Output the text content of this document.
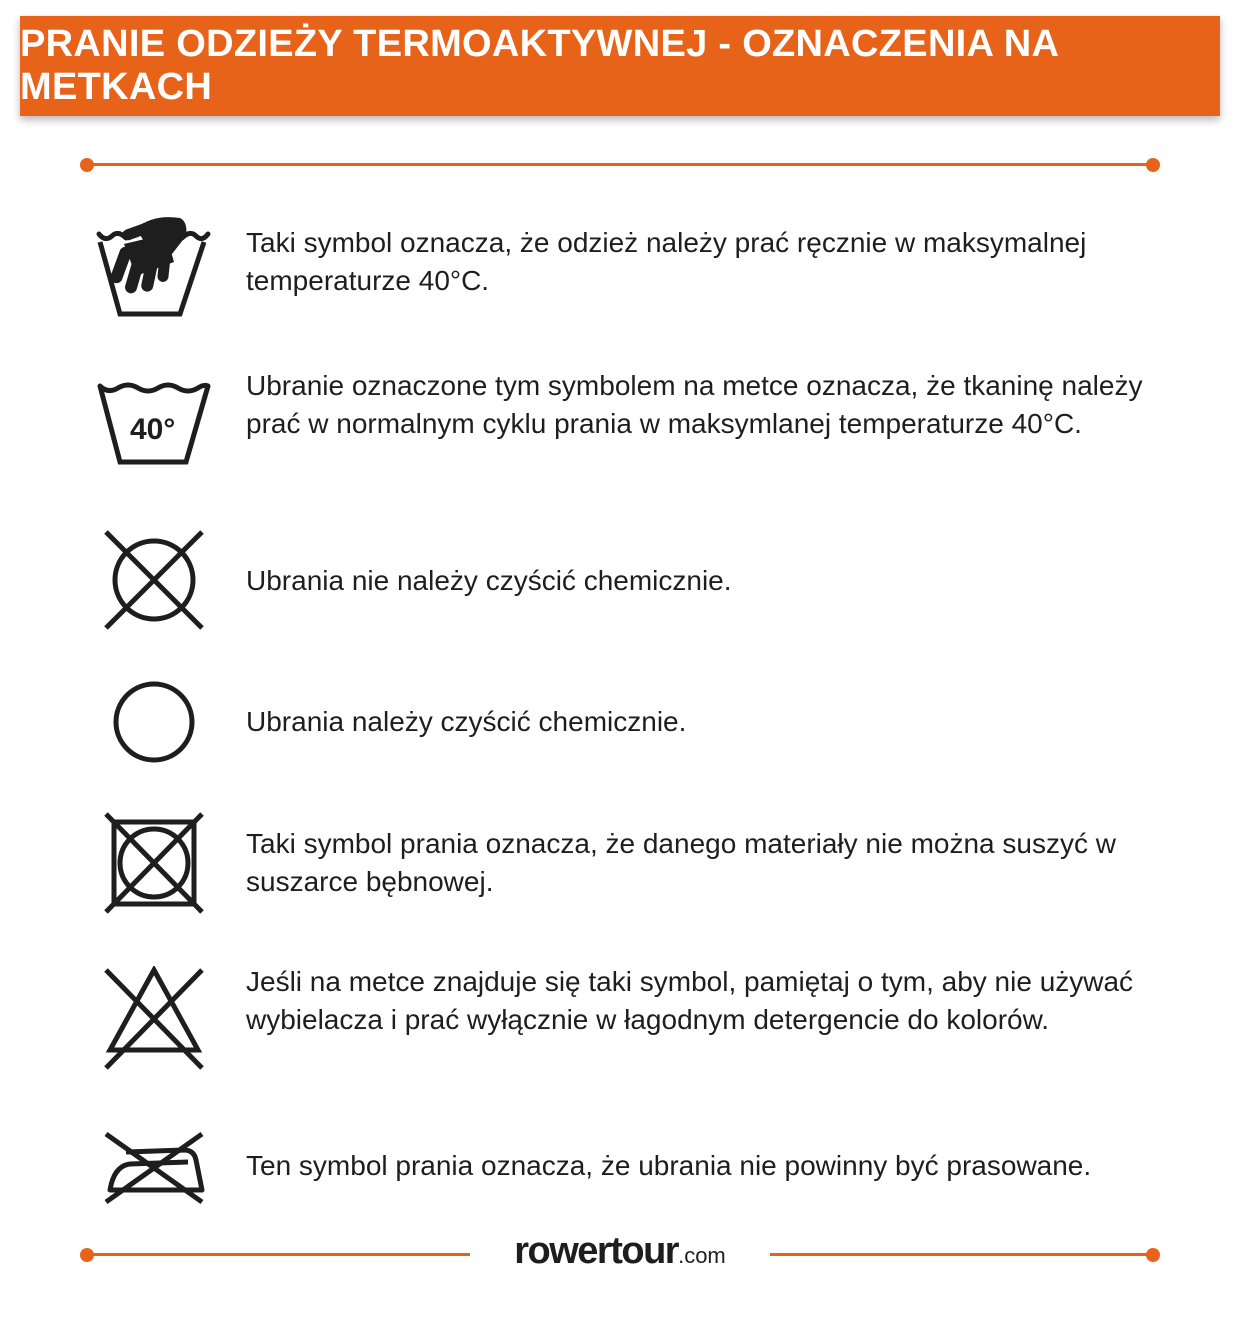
PRANIE ODZIEŻY TERMOAKTYWNEJ - OZNACZENIA NA METKACH
Taki symbol oznacza, że odzież należy prać ręcznie w maksymalnej temperaturze 40°C.
40°
Ubranie oznaczone tym symbolem na metce oznacza, że tkaninę należy prać w normalnym cyklu prania w maksymlanej temperaturze 40°C.
Ubrania nie należy czyścić chemicznie.
Ubrania należy czyścić chemicznie.
Taki symbol prania oznacza, że danego materiały nie można suszyć w suszarce bębnowej.
Jeśli na metce znajduje się taki symbol, pamiętaj o tym, aby nie używać wybielacza i prać wyłącznie w łagodnym detergencie do kolorów.
Ten symbol prania oznacza, że ubrania nie powinny być prasowane.
rowertour .com
